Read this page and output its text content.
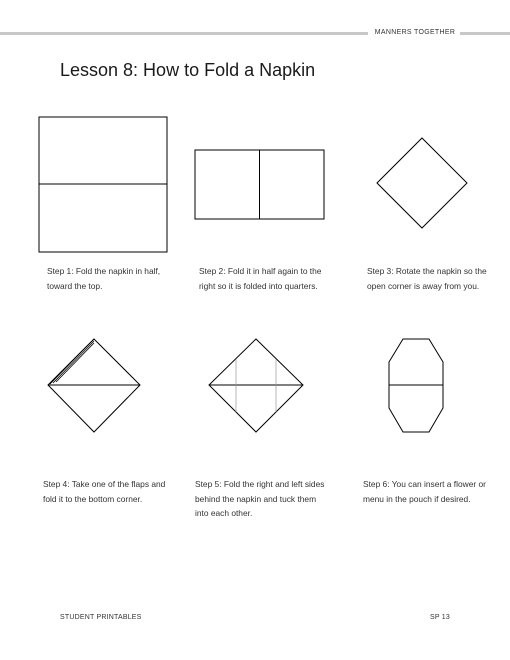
MANNERS TOGETHER
Lesson 8: How to Fold a Napkin
Step 1: Fold the napkin in half, toward the top.
Step 2: Fold it in half again to the right so it is folded into quarters.
Step 3: Rotate the napkin so the open corner is away from you.
Step 4: Take one of the flaps and fold it to the bottom corner.
Step 5: Fold the right and left sides behind the napkin and tuck them into each other.
Step 6: You can insert a flower or menu in the pouch if desired.
STUDENT PRINTABLES	SP 13
